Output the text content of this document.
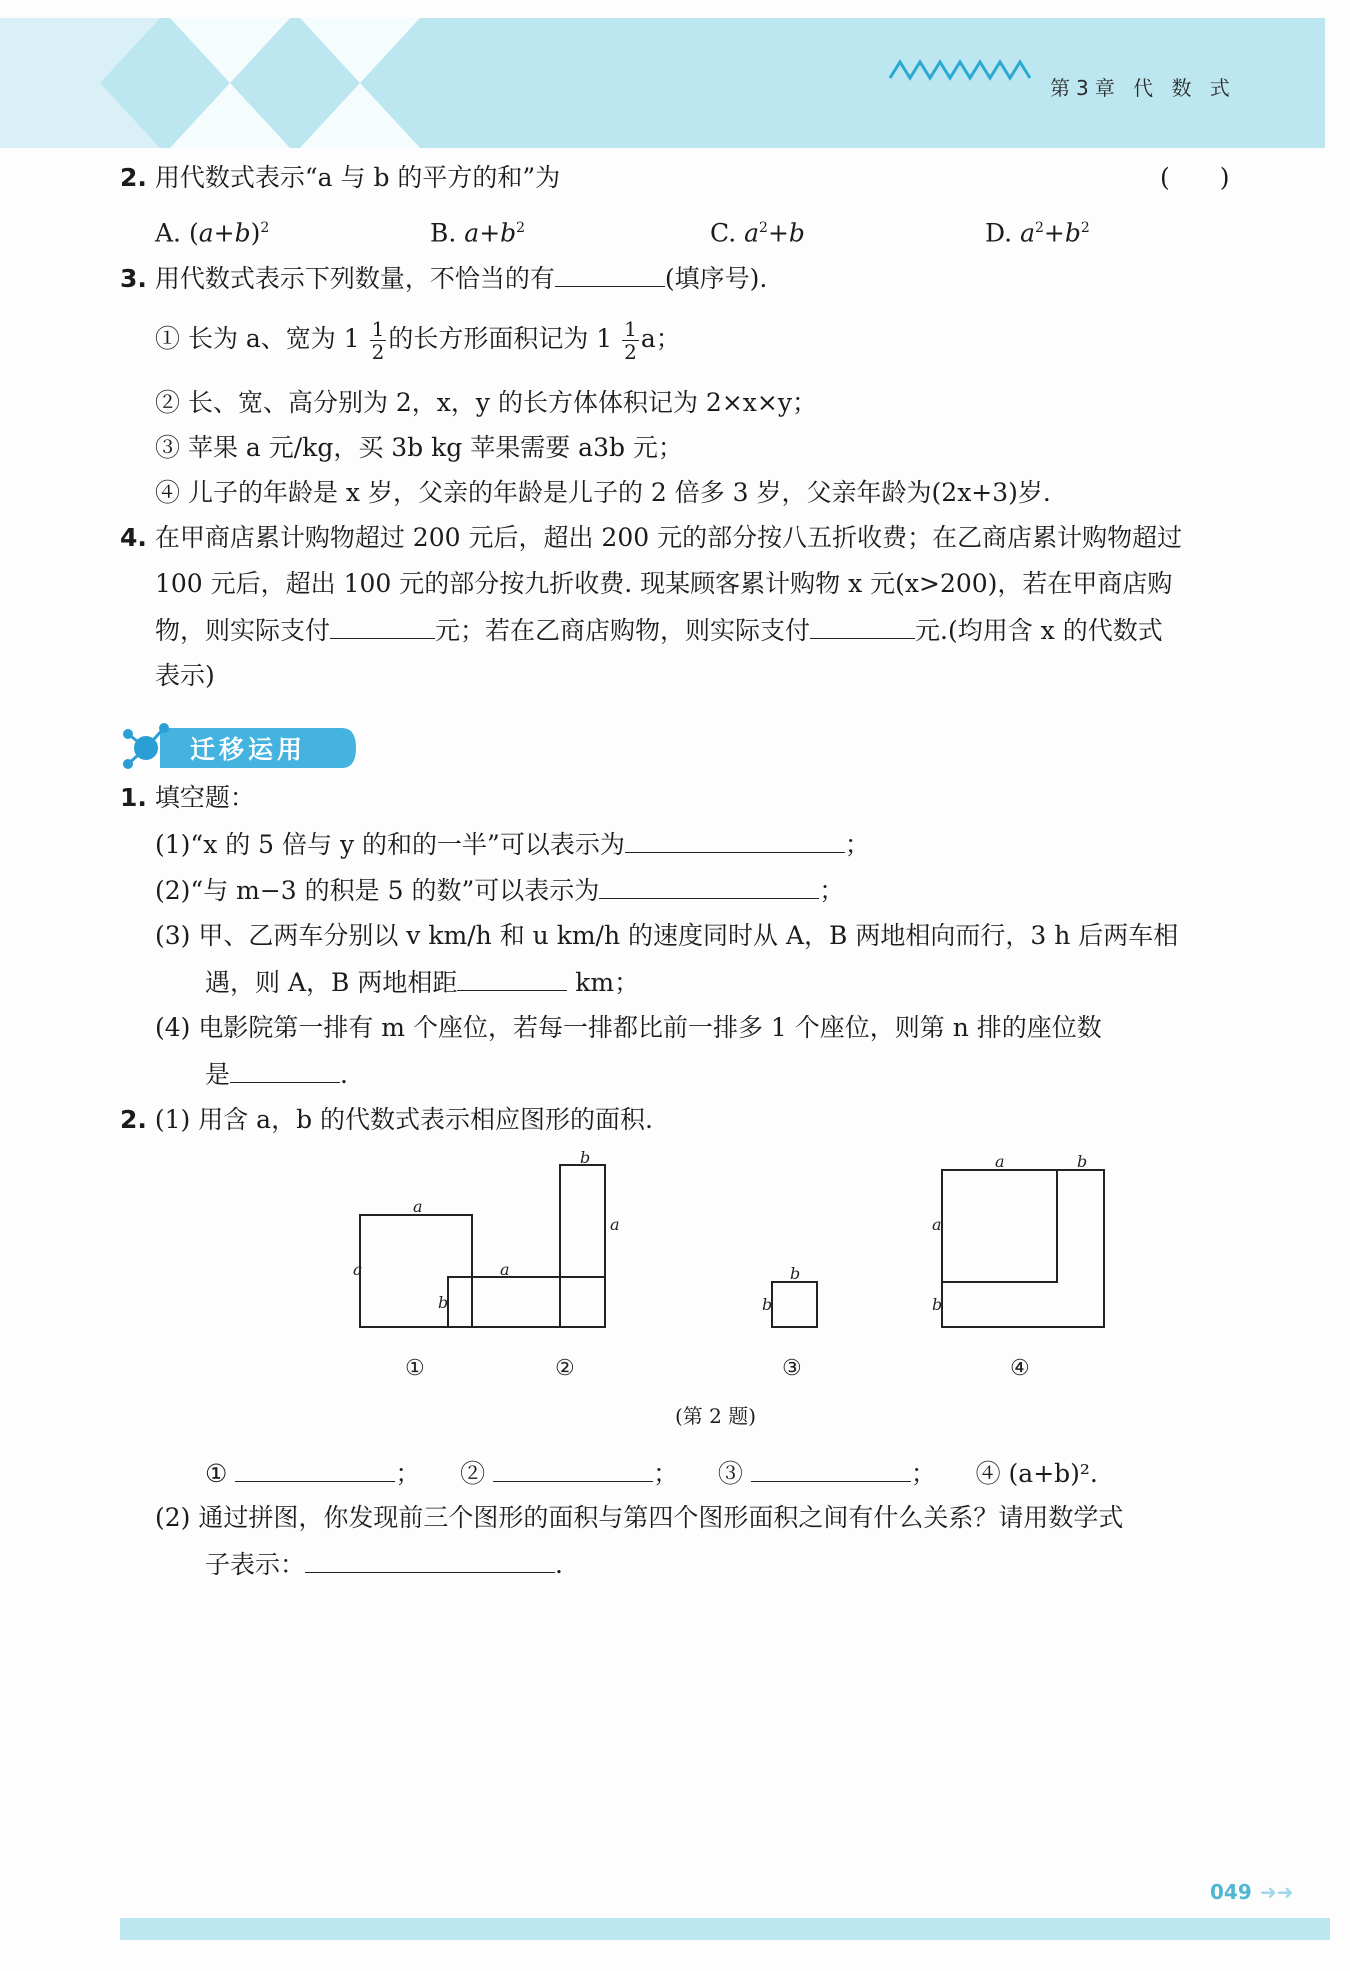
第3章 代 数 式
2. 用代数式表示“a 与 b 的平方的和”为	(　　)
A. $(a+b)^2$	B. $a+b^2$	C. $a^2+b$	D. $a^2+b^2$
3. 用代数式表示下列数量，不恰当的有	(填序号).
① 长为 a、宽为 $1 \frac{1}{2}$ 的长方形面积记为 $1 \frac{1}{2}$ a；
② 长、宽、高分别为 2，x，y 的长方体体积记为 2×x×y；
③ 苹果 a 元/kg，买 3b kg 苹果需要 a3b 元；
④ 儿子的年龄是 x 岁，父亲的年龄是儿子的 2 倍多 3 岁，父亲年龄为(2x+3)岁.
4. 在甲商店累计购物超过 200 元后，超出 200 元的部分按八五折收费；在乙商店累计购物超过
100 元后，超出 100 元的部分按九折收费. 现某顾客累计购物 x 元(x>200)，若在甲商店购
物，则实际支付	元；若在乙商店购物，则实际支付	元.(均用含 x 的代数式
表示)
迁移运用
1. 填空题：
(1)“x 的 5 倍与 y 的和的一半”可以表示为	；
(2)“与 m−3 的积是 5 的数”可以表示为	；
(3) 甲、乙两车分别以 v km/h 和 u km/h 的速度同时从 A，B 两地相向而行，3 h 后两车相
遇，则 A，B 两地相距	km；
(4) 电影院第一排有 m 个座位，若每一排都比前一排多 1 个座位，则第 n 排的座位数
是	.
2. (1) 用含 a，b 的代数式表示相应图形的面积.
a
a
b
a
a
b
b
b
a	b
a
b
①	②	③	④
(第 2 题)
①	； ②	； ③	； ④ (a+b)².
(2) 通过拼图，你发现前三个图形的面积与第四个图形面积之间有什么关系？请用数学式
子表示：	.
049 ➜➜
